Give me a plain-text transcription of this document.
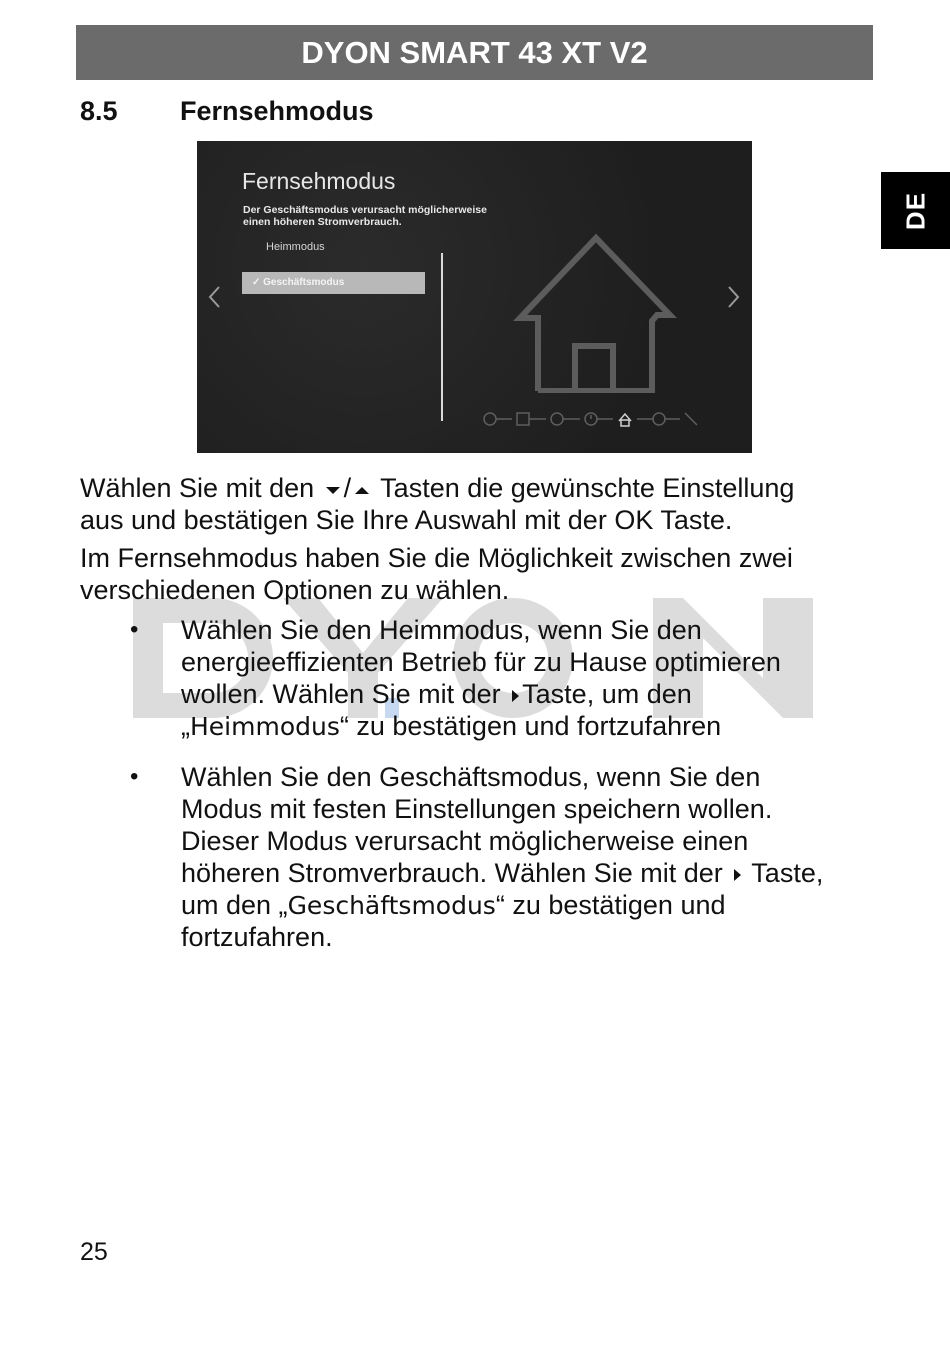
DYON SMART 43 XT V2
DE
8.5 Fernsehmodus
Fernsehmodus
Der Geschäftsmodus verursacht möglicherweise
einen höheren Stromverbrauch.
Heimmodus
✓ Geschäftsmodus
Wählen Sie mit den / Tasten die gewünschte Einstellung
aus und bestätigen Sie Ihre Auswahl mit der OK Taste.
Im Fernsehmodus haben Sie die Möglichkeit zwischen zwei
verschiedenen Optionen zu wählen.
• Wählen Sie den Heimmodus, wenn Sie den
energieeffizienten Betrieb für zu Hause optimieren
wollen. Wählen Sie mit der Taste, um den
„Heimmodus“ zu bestätigen und fortzufahren
• Wählen Sie den Geschäftsmodus, wenn Sie den
Modus mit festen Einstellungen speichern wollen.
Dieser Modus verursacht möglicherweise einen
höheren Stromverbrauch. Wählen Sie mit der Taste,
um den „Geschäftsmodus“ zu bestätigen und
fortzufahren.
25
